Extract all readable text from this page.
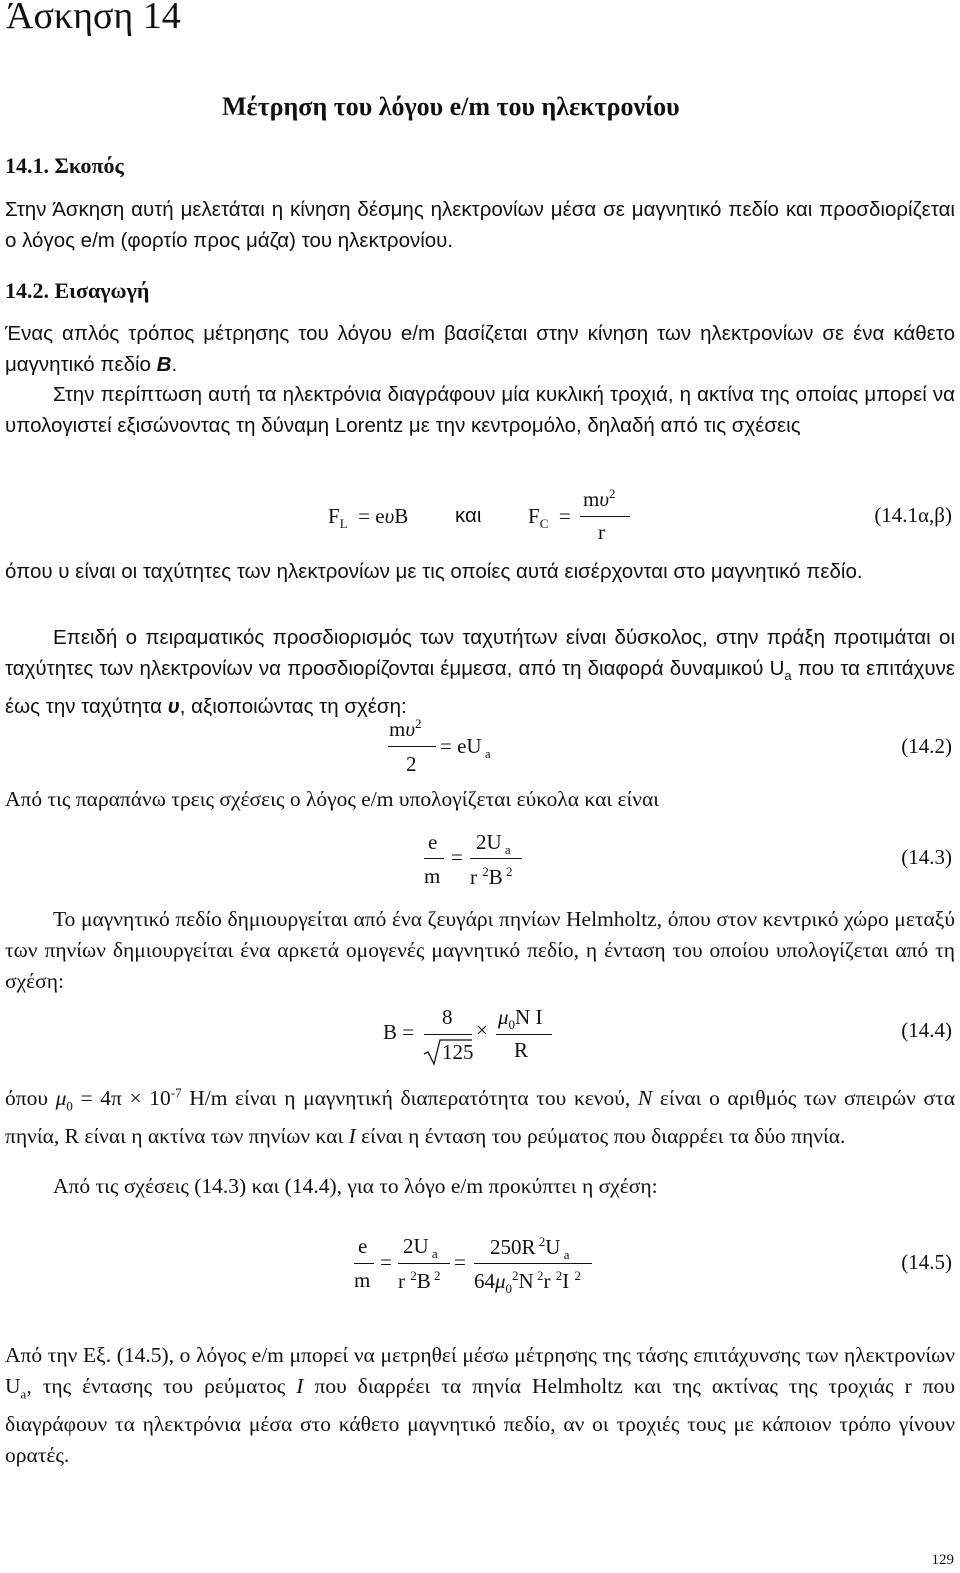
Άσκηση 14
Μέτρηση του λόγου e/m του ηλεκτρονίου
14.1. Σκοπός
Στην Άσκηση αυτή μελετάται η κίνηση δέσμης ηλεκτρονίων μέσα σε μαγνητικό πεδίο και προσδιορίζεται ο λόγος e/m (φορτίο προς μάζα) του ηλεκτρονίου.
14.2. Εισαγωγή
Ένας απλός τρόπος μέτρησης του λόγου e/m βασίζεται στην κίνηση των ηλεκτρονίων σε ένα κάθετο μαγνητικό πεδίο B.
Στην περίπτωση αυτή τα ηλεκτρόνια διαγράφουν μία κυκλική τροχιά, η ακτίνα της οποίας μπορεί να υπολογιστεί εξισώνοντας τη δύναμη Lorentz με την κεντρομόλο, δηλαδή από τις σχέσεις
$F_L = e\upsilon B$ και $F_C$  =
$m\upsilon^2$
r
(14.1α,β)
όπου υ είναι οι ταχύτητες των ηλεκτρονίων με τις οποίες αυτά εισέρχονται στο μαγνητικό πεδίο.
Επειδή ο πειραματικός προσδιορισμός των ταχυτήτων είναι δύσκολος, στην πράξη προτιμάται οι ταχύτητες των ηλεκτρονίων να προσδιορίζονται έμμεσα, από τη διαφορά δυναμικού $U_a$ που τα επιτάχυνε έως την ταχύτητα υ, αξιοποιώντας τη σχέση:
$m\upsilon^2$
2
= eU $_a$	(14.2)
Από τις παραπάνω τρεις σχέσεις ο λόγος e/m υπολογίζεται εύκολα και είναι
e
m
=
2U $_a$
r $^2$B $^2$
(14.3)
Το μαγνητικό πεδίο δημιουργείται από ένα ζευγάρι πηνίων Helmholtz, όπου στον κεντρικό χώρο μεταξύ των πηνίων δημιουργείται ένα αρκετά ομογενές μαγνητικό πεδίο, η ένταση του οποίου υπολογίζεται από τη σχέση:
B =
8
125
×
$\mu_0N$ I
R
(14.4)
όπου $\mu_0 = 4\pi \times 10^{-7}$ H/m είναι η μαγνητική διαπερατότητα του κενού, N είναι ο αριθμός των σπειρών στα πηνία, R είναι η ακτίνα των πηνίων και I είναι η ένταση του ρεύματος που διαρρέει τα δύο πηνία.
Από τις σχέσεις (14.3) και (14.4), για το λόγο e/m προκύπτει η σχέση:
e
m
=
2U $_a$
r $^2$B $^2$
=
250R $^2$U $_a$
$64\mu_0^2N$ $^2$r $^2$I $^2$
(14.5)
Από την Εξ. (14.5), ο λόγος e/m μπορεί να μετρηθεί μέσω μέτρησης της τάσης επιτάχυνσης των ηλεκτρονίων $U_a$, της έντασης του ρεύματος I που διαρρέει τα πηνία Helmholtz και της ακτίνας της τροχιάς r που διαγράφουν τα ηλεκτρόνια μέσα στο κάθετο μαγνητικό πεδίο, αν οι τροχιές τους με κάποιον τρόπο γίνουν ορατές.
129
